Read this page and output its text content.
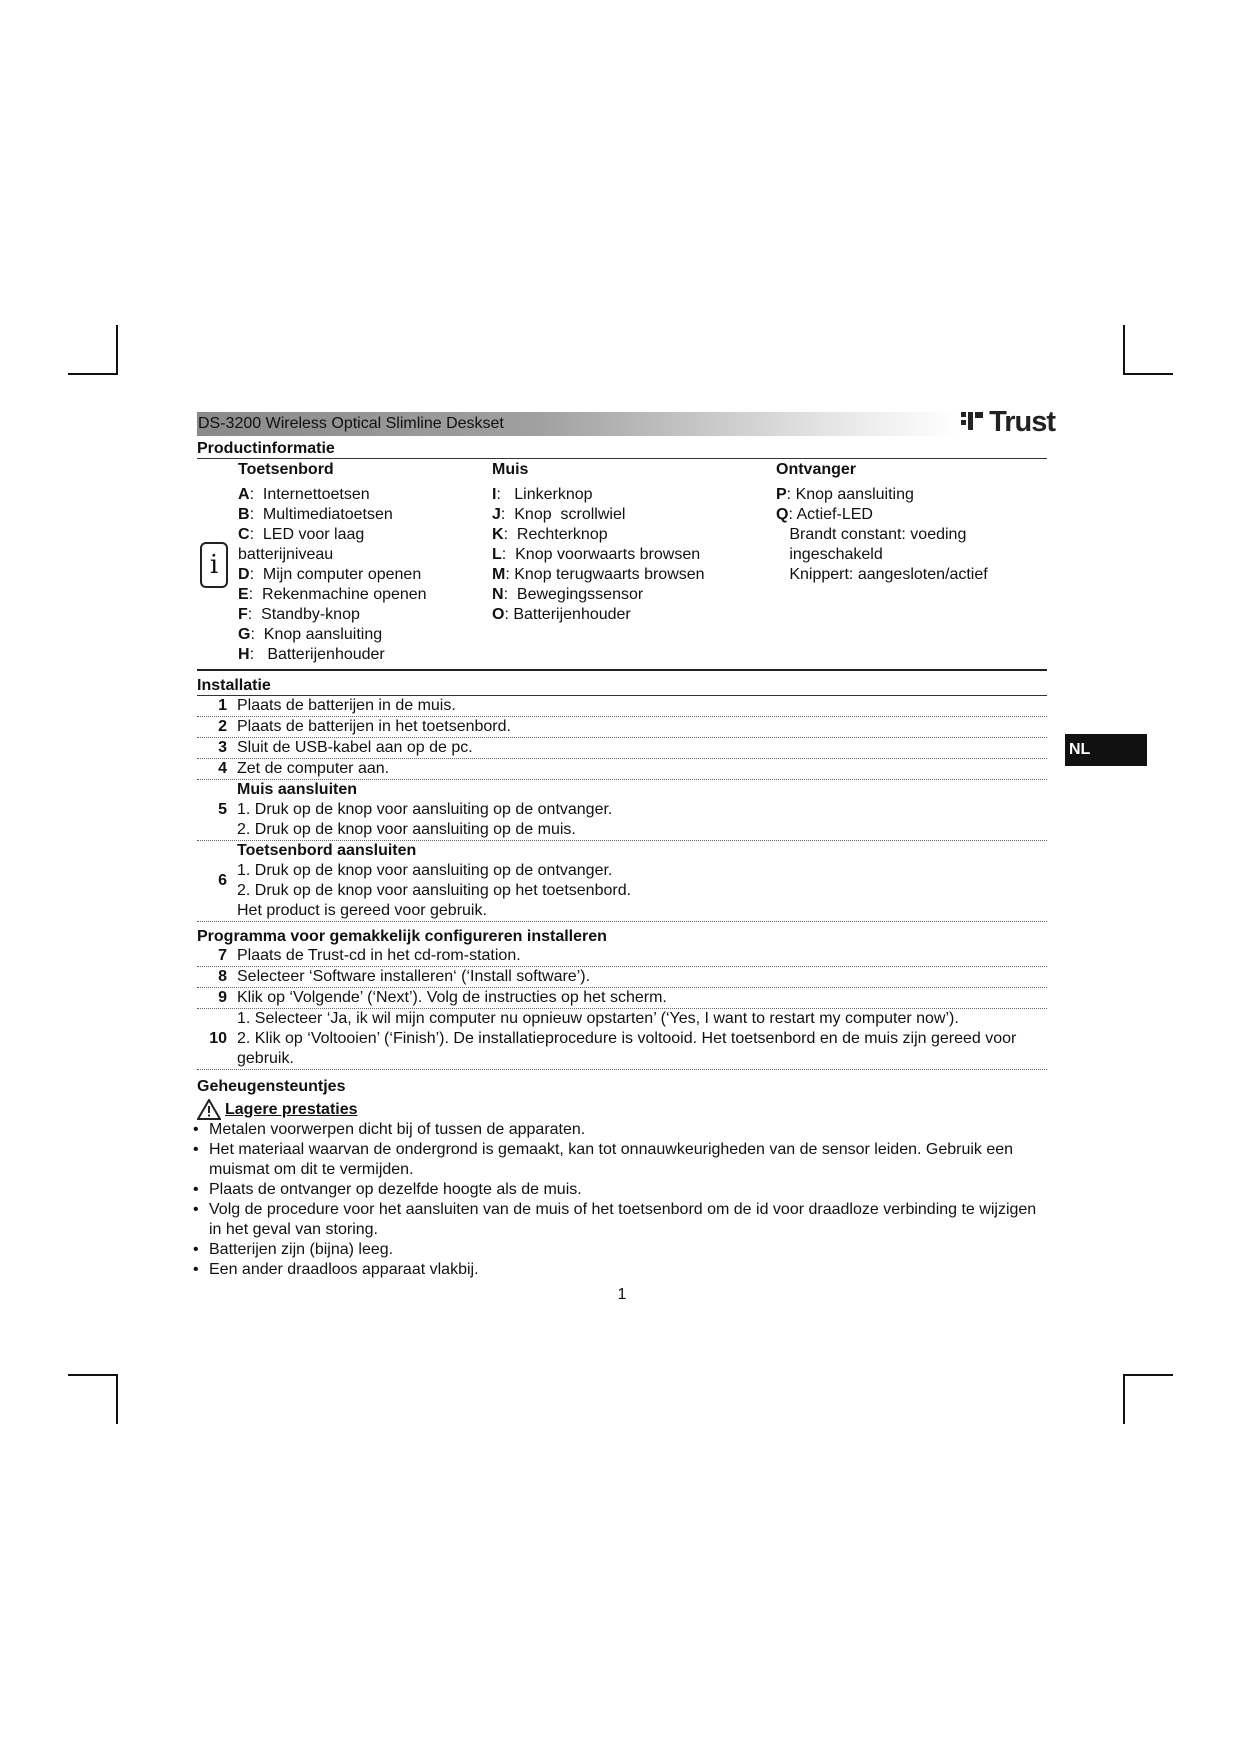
NL
DS-3200 Wireless Optical Slimline Deskset	Trust
Productinformatie
i
Toetsenbord
A:  Internettoetsen
B:  Multimediatoetsen
C:  LED voor laag
batterijniveau
D:  Mijn computer openen
E:  Rekenmachine openen
F:  Standby-knop
G:  Knop aansluiting
H:   Batterijenhouder
Muis
I:   Linkerknop
J:  Knop  scrollwiel
K:  Rechterknop
L:  Knop voorwaarts browsen
M: Knop terugwaarts browsen
N:  Bewegingssensor
O: Batterijenhouder
Ontvanger
P: Knop aansluiting
Q: Actief-LED
Brandt constant: voeding
ingeschakeld
Knippert: aangesloten/actief
Installatie
1 Plaats de batterijen in de muis.
2 Plaats de batterijen in het toetsenbord.
3 Sluit de USB-kabel aan op de pc.
4 Zet de computer aan.
5
Muis aansluiten
1. Druk op de knop voor aansluiting op de ontvanger.
2. Druk op de knop voor aansluiting op de muis.
6
Toetsenbord aansluiten
1. Druk op de knop voor aansluiting op de ontvanger.
2. Druk op de knop voor aansluiting op het toetsenbord.
Het product is gereed voor gebruik.
Programma voor gemakkelijk configureren installeren
7 Plaats de Trust-cd in het cd-rom-station.
8 Selecteer ‘Software installeren‘ (‘Install software’).
9 Klik op ‘Volgende’ (‘Next’). Volg de instructies op het scherm.
10
1. Selecteer ‘Ja, ik wil mijn computer nu opnieuw opstarten’ (‘Yes, I want to restart my computer now’).
2. Klik op ‘Voltooien’ (‘Finish’). De installatieprocedure is voltooid. Het toetsenbord en de muis zijn gereed voor gebruik.
Geheugensteuntjes
Lagere prestaties
• Metalen voorwerpen dicht bij of tussen de apparaten.
• Het materiaal waarvan de ondergrond is gemaakt, kan tot onnauwkeurigheden van de sensor leiden. Gebruik een muismat om dit te vermijden.
• Plaats de ontvanger op dezelfde hoogte als de muis.
• Volg de procedure voor het aansluiten van de muis of het toetsenbord om de id voor draadloze verbinding te wijzigen in het geval van storing.
• Batterijen zijn (bijna) leeg.
• Een ander draadloos apparaat vlakbij.
1
